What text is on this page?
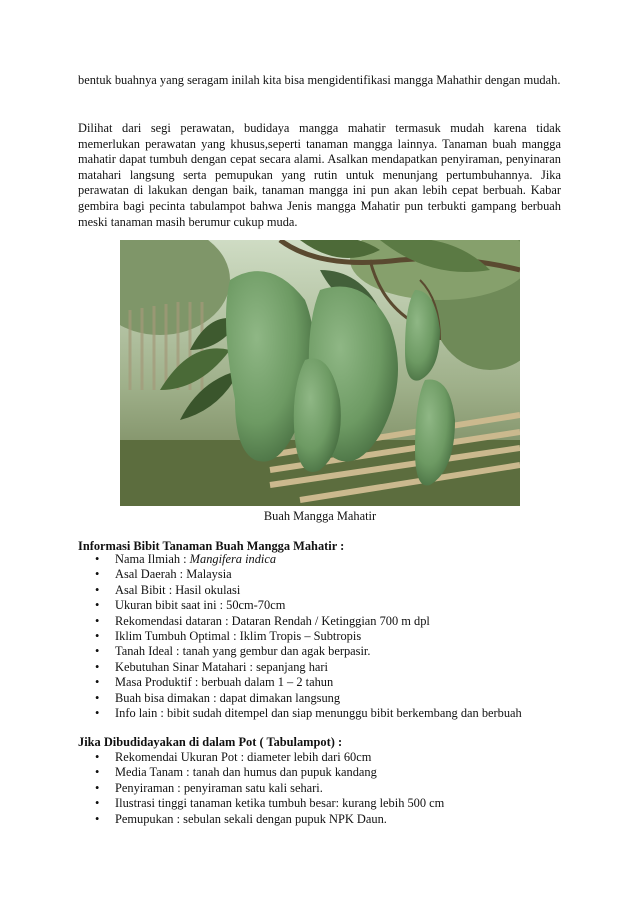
bentuk buahnya yang seragam inilah kita bisa mengidentifikasi mangga Mahathir dengan mudah.

Dilihat dari segi perawatan, budidaya mangga mahatir termasuk mudah karena tidak memerlukan perawatan yang khusus,seperti tanaman mangga lainnya. Tanaman buah mangga mahatir dapat tumbuh dengan cepat secara alami. Asalkan mendapatkan penyiraman, penyinaran matahari langsung serta pemupukan yang rutin untuk menunjang pertumbuhannya. Jika perawatan di lakukan dengan baik, tanaman mangga ini pun akan lebih cepat berbuah. Kabar gembira bagi pecinta tabulampot bahwa Jenis mangga Mahatir pun terbukti gampang berbuah meski tanaman masih berumur cukup muda.

Buah Mangga Mahatir

Informasi Bibit Tanaman Buah Mangga Mahatir :

• Nama Ilmiah : Mangifera indica
• Asal Daerah : Malaysia
• Asal Bibit : Hasil okulasi
• Ukuran bibit saat ini : 50cm-70cm
• Rekomendasi dataran : Dataran Rendah / Ketinggian 700 m dpl
• Iklim Tumbuh Optimal : Iklim Tropis – Subtropis
• Tanah Ideal : tanah yang gembur dan agak berpasir.
• Kebutuhan Sinar Matahari : sepanjang hari
• Masa Produktif : berbuah dalam 1 – 2 tahun
• Buah bisa dimakan : dapat dimakan langsung
• Info lain : bibit sudah ditempel dan siap menunggu bibit berkembang dan berbuah

Jika Dibudidayakan di dalam Pot ( Tabulampot) :

• Rekomendai Ukuran Pot : diameter lebih dari 60cm
• Media Tanam : tanah dan humus dan pupuk kandang
• Penyiraman : penyiraman satu kali sehari.
• Ilustrasi tinggi tanaman ketika tumbuh besar: kurang lebih 500 cm
• Pemupukan : sebulan sekali dengan pupuk NPK Daun.
